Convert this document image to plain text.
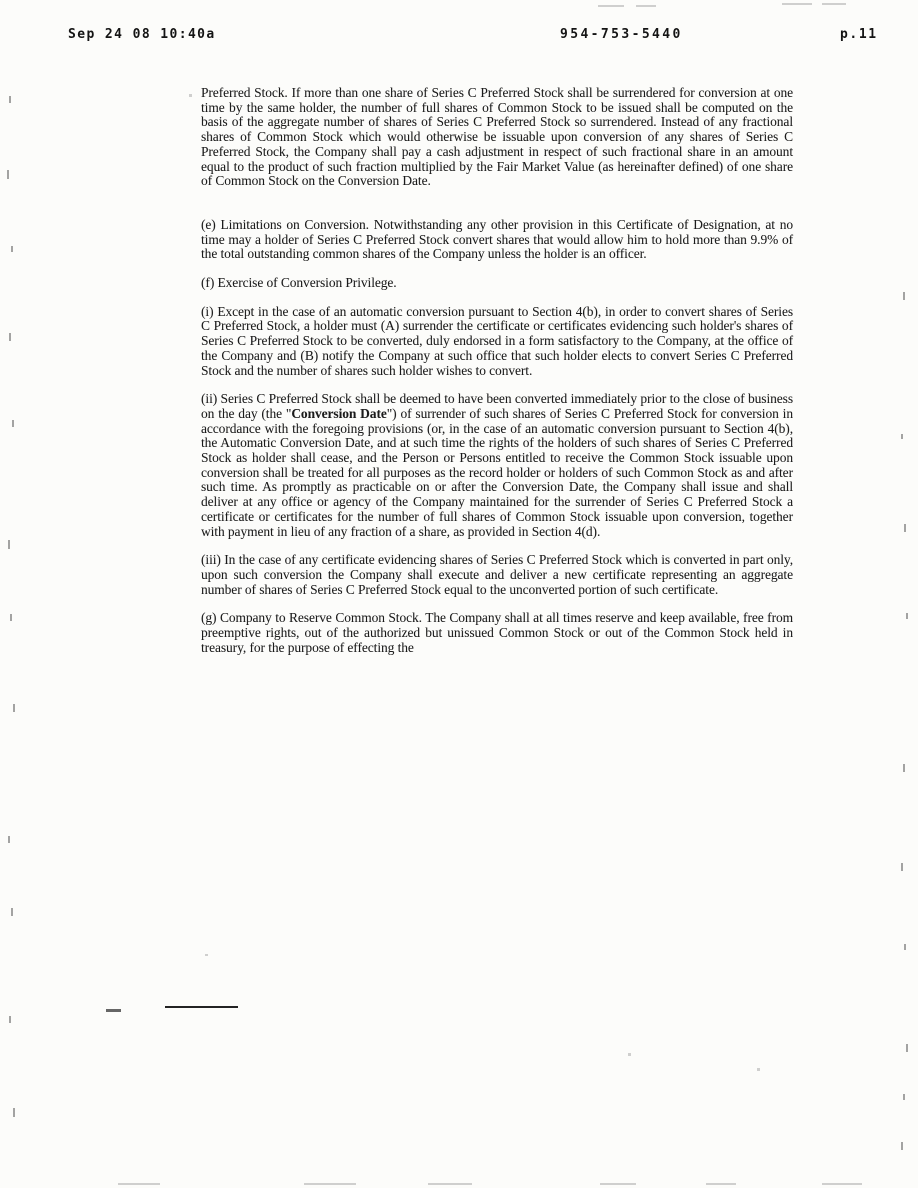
Sep 24 08 10:40a	954-753-5440	p.11

Preferred Stock. If more than one share of Series C Preferred Stock shall be surrendered for conversion at one time by the same holder, the number of full shares of Common Stock to be issued shall be computed on the basis of the aggregate number of shares of Series C Preferred Stock so surrendered. Instead of any fractional shares of Common Stock which would otherwise be issuable upon conversion of any shares of Series C Preferred Stock, the Company shall pay a cash adjustment in respect of such fractional share in an amount equal to the product of such fraction multiplied by the Fair Market Value (as hereinafter defined) of one share of Common Stock on the Conversion Date.

(e) Limitations on Conversion. Notwithstanding any other provision in this Certificate of Designation, at no time may a holder of Series C Preferred Stock convert shares that would allow him to hold more than 9.9% of the total outstanding common shares of the Company unless the holder is an officer.

(f) Exercise of Conversion Privilege.

(i) Except in the case of an automatic conversion pursuant to Section 4(b), in order to convert shares of Series C Preferred Stock, a holder must (A) surrender the certificate or certificates evidencing such holder's shares of Series C Preferred Stock to be converted, duly endorsed in a form satisfactory to the Company, at the office of the Company and (B) notify the Company at such office that such holder elects to convert Series C Preferred Stock and the number of shares such holder wishes to convert.

(ii) Series C Preferred Stock shall be deemed to have been converted immediately prior to the close of business on the day (the "Conversion Date") of surrender of such shares of Series C Preferred Stock for conversion in accordance with the foregoing provisions (or, in the case of an automatic conversion pursuant to Section 4(b), the Automatic Conversion Date, and at such time the rights of the holders of such shares of Series C Preferred Stock as holder shall cease, and the Person or Persons entitled to receive the Common Stock issuable upon conversion shall be treated for all purposes as the record holder or holders of such Common Stock as and after such time. As promptly as practicable on or after the Conversion Date, the Company shall issue and shall deliver at any office or agency of the Company maintained for the surrender of Series C Preferred Stock a certificate or certificates for the number of full shares of Common Stock issuable upon conversion, together with payment in lieu of any fraction of a share, as provided in Section 4(d).

(iii) In the case of any certificate evidencing shares of Series C Preferred Stock which is converted in part only, upon such conversion the Company shall execute and deliver a new certificate representing an aggregate number of shares of Series C Preferred Stock equal to the unconverted portion of such certificate.

(g) Company to Reserve Common Stock. The Company shall at all times reserve and keep available, free from preemptive rights, out of the authorized but unissued Common Stock or out of the Common Stock held in treasury, for the purpose of effecting the
